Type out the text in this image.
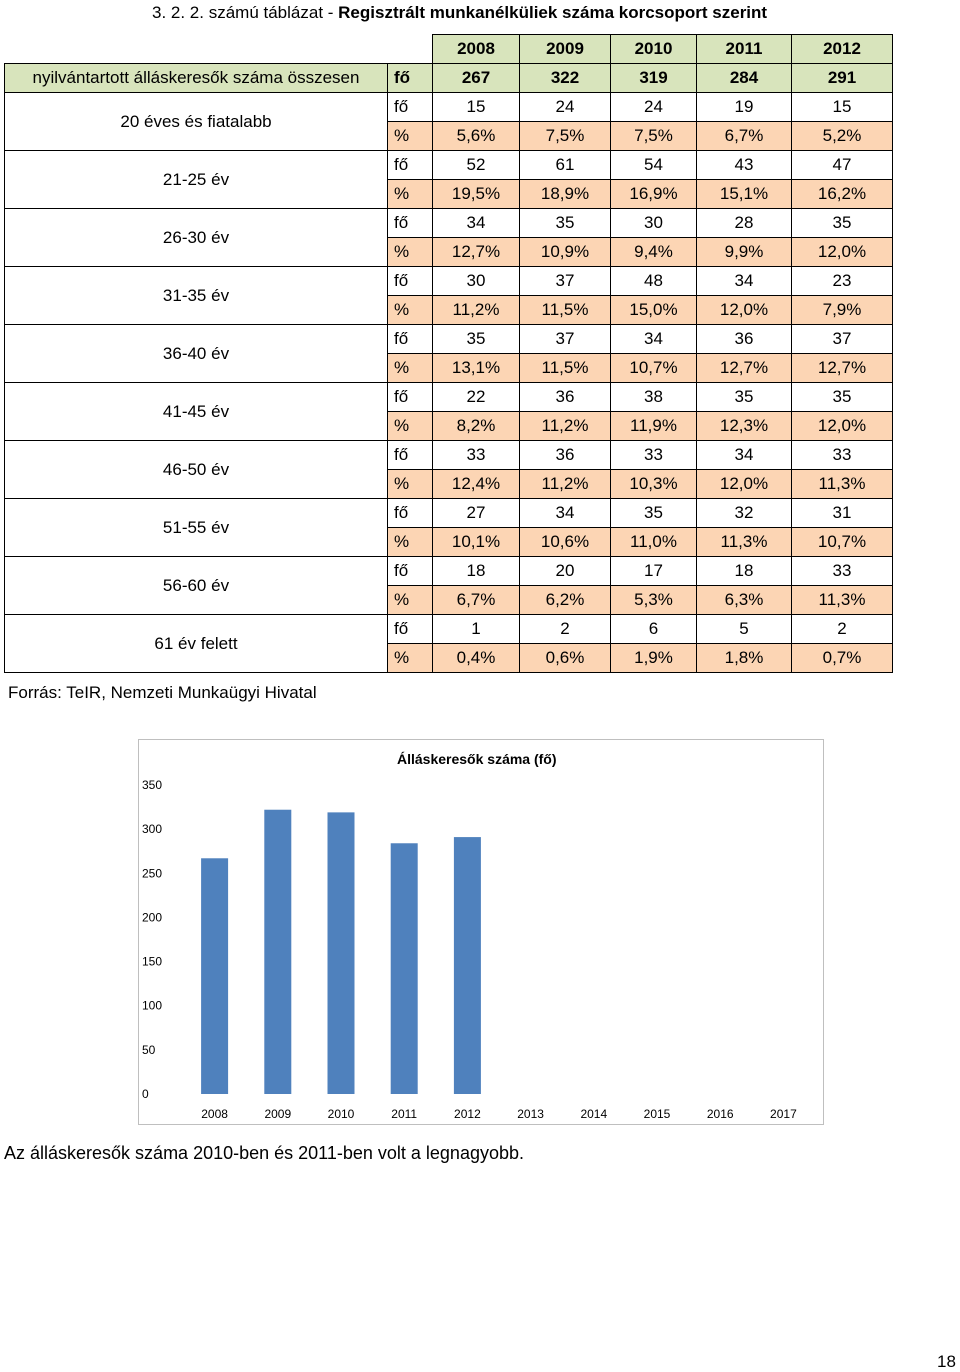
3. 2. 2. számú táblázat - Regisztrált munkanélküliek száma korcsoport szerint
		2008	2009	2010	2011	2012
nyilvántartott álláskeresők száma összesen	fő	267	322	319	284	291
20 éves és fiatalabb	fő	15	24	24	19	15
	%	5,6%	7,5%	7,5%	6,7%	5,2%
21-25 év	fő	52	61	54	43	47
	%	19,5%	18,9%	16,9%	15,1%	16,2%
26-30 év	fő	34	35	30	28	35
	%	12,7%	10,9%	9,4%	9,9%	12,0%
31-35 év	fő	30	37	48	34	23
	%	11,2%	11,5%	15,0%	12,0%	7,9%
36-40 év	fő	35	37	34	36	37
	%	13,1%	11,5%	10,7%	12,7%	12,7%
41-45 év	fő	22	36	38	35	35
	%	8,2%	11,2%	11,9%	12,3%	12,0%
46-50 év	fő	33	36	33	34	33
	%	12,4%	11,2%	10,3%	12,0%	11,3%
51-55 év	fő	27	34	35	32	31
	%	10,1%	10,6%	11,0%	11,3%	10,7%
56-60 év	fő	18	20	17	18	33
	%	6,7%	6,2%	5,3%	6,3%	11,3%
61 év felett	fő	1	2	6	5	2
	%	0,4%	0,6%	1,9%	1,8%	0,7%
Forrás: TeIR, Nemzeti Munkaügyi Hivatal
Álláskeresők száma (fő)
0
50
100
150
200
250
300
350
2008	2009	2010	2011	2012	2013	2014	2015	2016	2017
Az álláskeresők száma 2010-ben és 2011-ben volt a legnagyobb.
18
